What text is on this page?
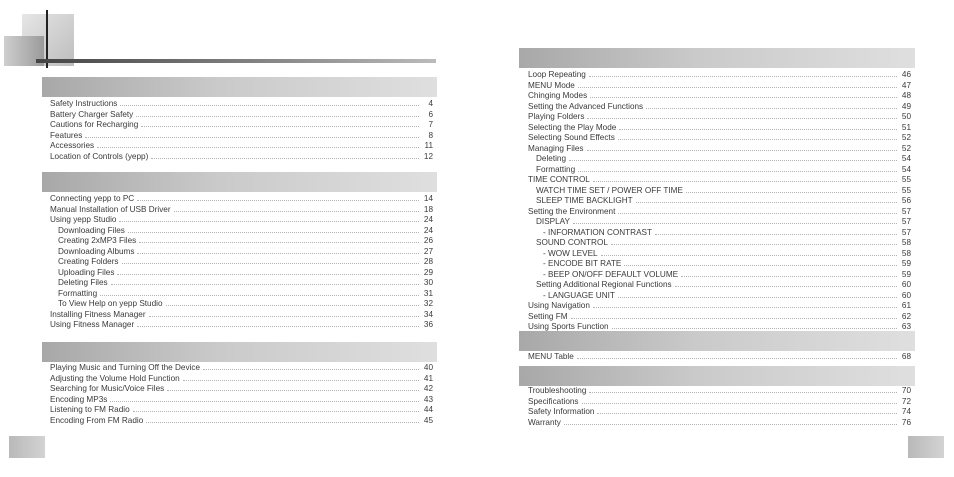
Safety Instructions	4
Battery Charger Safety	6
Cautions for Recharging	7
Features	8
Accessories	11
Location of Controls (yepp)	12
Connecting yepp to PC	14
Manual Installation of USB Driver	18
Using yepp Studio	24
Downloading Files	24
Creating 2xMP3 Files	26
Downloading Albums	27
Creating Folders	28
Uploading Files	29
Deleting Files	30
Formatting	31
To View Help on yepp Studio	32
Installing Fitness Manager	34
Using Fitness Manager	36
Playing Music and Turning Off the Device	40
Adjusting the Volume Hold Function	41
Searching for Music/Voice Files	42
Encoding MP3s	43
Listening to FM Radio	44
Encoding From FM Radio	45
Loop Repeating	46
MENU Mode	47
Chinging Modes	48
Setting the Advanced Functions	49
Playing Folders	50
Selecting the Play Mode	51
Selecting Sound Effects	52
Managing Files	52
Deleting	54
Formatting	54
TIME CONTROL	55
WATCH TIME SET / POWER OFF TIME	55
SLEEP TIME BACKLIGHT	56
Setting the Environment	57
DISPLAY	57
- INFORMATION CONTRAST	57
SOUND CONTROL	58
- WOW LEVEL	58
- ENCODE BIT RATE	59
- BEEP ON/OFF DEFAULT VOLUME	59
Setting Additional Regional Functions	60
- LANGUAGE UNIT	60
Using Navigation	61
Setting FM	62
Using Sports Function	63
MENU Table	68
Troubleshooting	70
Specifications	72
Safety Information	74
Warranty	76
